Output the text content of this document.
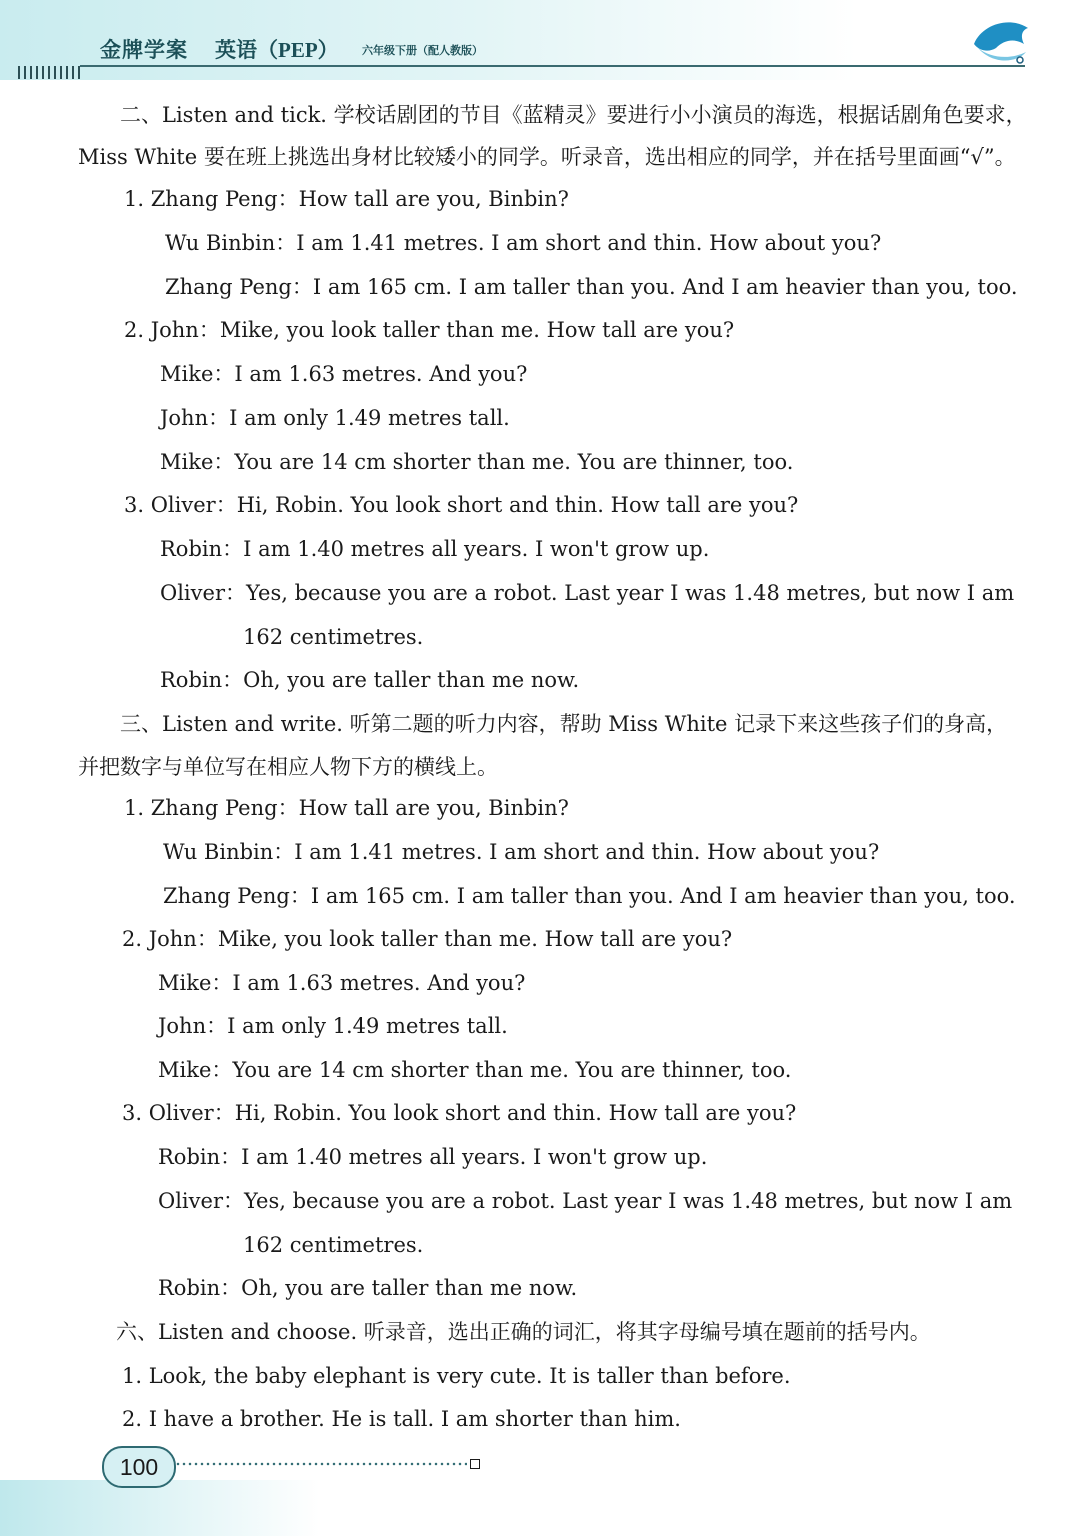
金牌学案 英语（PEP） 六年级下册（配人教版）
二、Listen and tick. 学校话剧团的节目《蓝精灵》要进行小小演员的海选，根据话剧角色要求，
Miss White 要在班上挑选出身材比较矮小的同学。听录音，选出相应的同学，并在括号里面画“√”。
1. Zhang Peng：How tall are you, Binbin?
Wu Binbin：I am 1.41 metres. I am short and thin. How about you?
Zhang Peng：I am 165 cm. I am taller than you. And I am heavier than you, too.
2. John：Mike, you look taller than me. How tall are you?
Mike：I am 1.63 metres. And you?
John：I am only 1.49 metres tall.
Mike：You are 14 cm shorter than me. You are thinner, too.
3. Oliver：Hi, Robin. You look short and thin. How tall are you?
Robin：I am 1.40 metres all years. I won't grow up.
Oliver：Yes, because you are a robot. Last year I was 1.48 metres, but now I am
162 centimetres.
Robin：Oh, you are taller than me now.
三、Listen and write. 听第二题的听力内容，帮助 Miss White 记录下来这些孩子们的身高，
并把数字与单位写在相应人物下方的横线上。
1. Zhang Peng：How tall are you, Binbin?
Wu Binbin：I am 1.41 metres. I am short and thin. How about you?
Zhang Peng：I am 165 cm. I am taller than you. And I am heavier than you, too.
2. John：Mike, you look taller than me. How tall are you?
Mike：I am 1.63 metres. And you?
John：I am only 1.49 metres tall.
Mike：You are 14 cm shorter than me. You are thinner, too.
3. Oliver：Hi, Robin. You look short and thin. How tall are you?
Robin：I am 1.40 metres all years. I won't grow up.
Oliver：Yes, because you are a robot. Last year I was 1.48 metres, but now I am
162 centimetres.
Robin：Oh, you are taller than me now.
六、Listen and choose. 听录音，选出正确的词汇，将其字母编号填在题前的括号内。
1. Look, the baby elephant is very cute. It is taller than before.
2. I have a brother. He is tall. I am shorter than him.
100
